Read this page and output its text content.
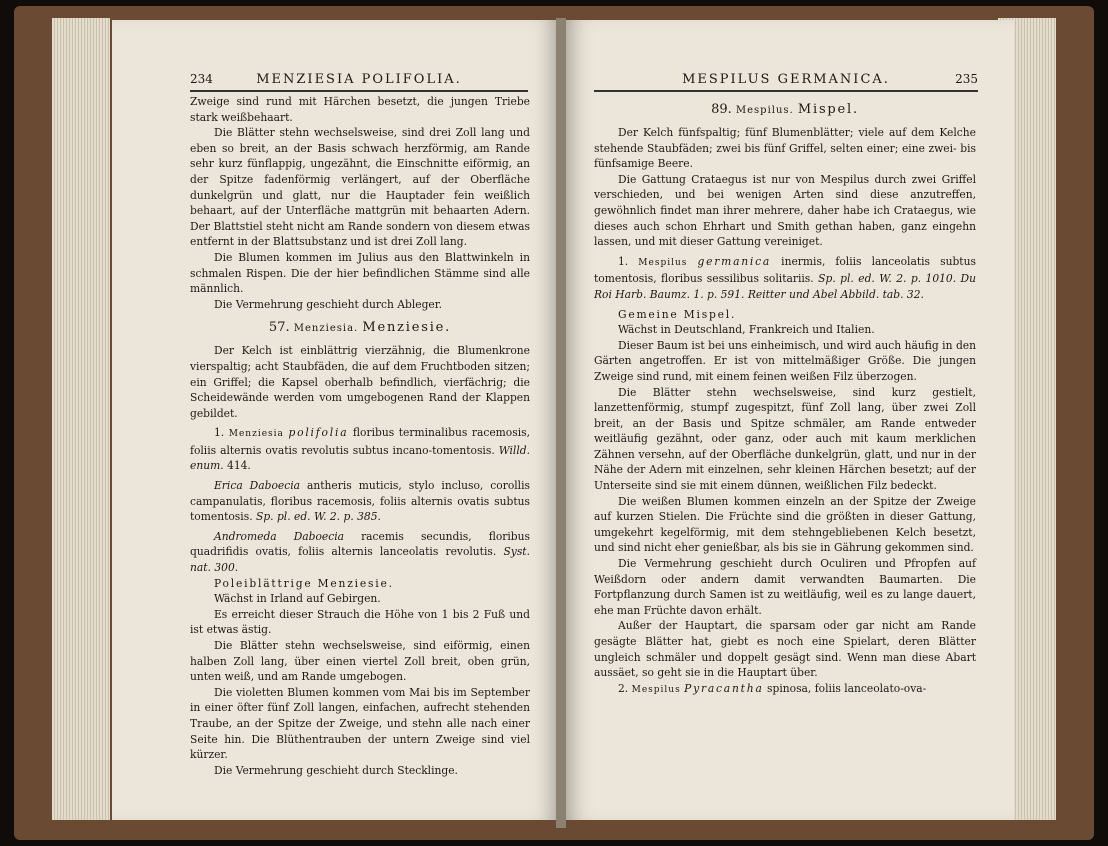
234	MENZIESIA POLIFOLIA.

Zweige sind rund mit Härchen besetzt, die jungen Triebe stark weißbehaart.

Die Blätter stehn wechselsweise, sind drei Zoll lang und eben so breit, an der Basis schwach herzförmig, am Rande sehr kurz fünflappig, ungezähnt, die Einschnitte eiförmig, an der Spitze fadenförmig verlängert, auf der Oberfläche dunkelgrün und glatt, nur die Hauptader fein weißlich behaart, auf der Unterfläche mattgrün mit behaarten Adern. Der Blattstiel steht nicht am Rande sondern von diesem etwas entfernt in der Blattsubstanz und ist drei Zoll lang.

Die Blumen kommen im Julius aus den Blattwinkeln in schmalen Rispen. Die der hier befindlichen Stämme sind alle männlich.

Die Vermehrung geschieht durch Ableger.

57. Menziesia. Menziesie.

Der Kelch ist einblättrig vierzähnig, die Blumenkrone vierspaltig; acht Staubfäden, die auf dem Fruchtboden sitzen; ein Griffel; die Kapsel oberhalb befindlich, vierfächrig; die Scheidewände werden vom umgebogenen Rand der Klappen gebildet.

1. Menziesia polifolia floribus terminalibus racemosis, foliis alternis ovatis revolutis subtus incano-tomentosis. Willd. enum. 414.

Erica Daboecia antheris muticis, stylo incluso, corollis campanulatis, floribus racemosis, foliis alternis ovatis subtus tomentosis. Sp. pl. ed. W. 2. p. 385.

Andromeda Daboecia racemis secundis, floribus quadrifidis ovatis, foliis alternis lanceolatis revolutis. Syst. nat. 300.

Poleiblättrige Menziesie.

Wächst in Irland auf Gebirgen.

Es erreicht dieser Strauch die Höhe von 1 bis 2 Fuß und ist etwas ästig.

Die Blätter stehn wechselsweise, sind eiförmig, einen halben Zoll lang, über einen viertel Zoll breit, oben grün, unten weiß, und am Rande umgebogen.

Die violetten Blumen kommen vom Mai bis im September in einer öfter fünf Zoll langen, einfachen, aufrecht stehenden Traube, an der Spitze der Zweige, und stehn alle nach einer Seite hin. Die Blüthentrauben der untern Zweige sind viel kürzer.

Die Vermehrung geschieht durch Stecklinge.

MESPILUS GERMANICA.	235
89. Mespilus. Mispel.

Der Kelch fünfspaltig; fünf Blumenblätter; viele auf dem Kelche stehende Staubfäden; zwei bis fünf Griffel, selten einer; eine zwei- bis fünfsamige Beere.

Die Gattung Crataegus ist nur von Mespilus durch zwei Griffel verschieden, und bei wenigen Arten sind diese anzutreffen, gewöhnlich findet man ihrer mehrere, daher habe ich Crataegus, wie dieses auch schon Ehrhart und Smith gethan haben, ganz eingehn lassen, und mit dieser Gattung vereiniget.

1. Mespilus germanica inermis, foliis lanceolatis subtus tomentosis, floribus sessilibus solitariis. Sp. pl. ed. W. 2. p. 1010. Du Roi Harb. Baumz. 1. p. 591. Reitter und Abel Abbild. tab. 32.

Gemeine Mispel.

Wächst in Deutschland, Frankreich und Italien.

Dieser Baum ist bei uns einheimisch, und wird auch häufig in den Gärten angetroffen. Er ist von mittelmäßiger Größe. Die jungen Zweige sind rund, mit einem feinen weißen Filz überzogen.

Die Blätter stehn wechselsweise, sind kurz gestielt, lanzettenförmig, stumpf zugespitzt, fünf Zoll lang, über zwei Zoll breit, an der Basis und Spitze schmäler, am Rande entweder weitläufig gezähnt, oder ganz, oder auch mit kaum merklichen Zähnen versehn, auf der Oberfläche dunkelgrün, glatt, und nur in der Nähe der Adern mit einzelnen, sehr kleinen Härchen besetzt; auf der Unterseite sind sie mit einem dünnen, weißlichen Filz bedeckt.

Die weißen Blumen kommen einzeln an der Spitze der Zweige auf kurzen Stielen. Die Früchte sind die größten in dieser Gattung, umgekehrt kegelförmig, mit dem stehngebliebenen Kelch besetzt, und sind nicht eher genießbar, als bis sie in Gährung gekommen sind.

Die Vermehrung geschieht durch Oculiren und Pfropfen auf Weißdorn oder andern damit verwandten Baumarten. Die Fortpflanzung durch Samen ist zu weitläufig, weil es zu lange dauert, ehe man Früchte davon erhält.

Außer der Hauptart, die sparsam oder gar nicht am Rande gesägte Blätter hat, giebt es noch eine Spielart, deren Blätter ungleich schmäler und doppelt gesägt sind. Wenn man diese Abart aussäet, so geht sie in die Hauptart über.

2. Mespilus Pyracantha spinosa, foliis lanceolato-ova-
